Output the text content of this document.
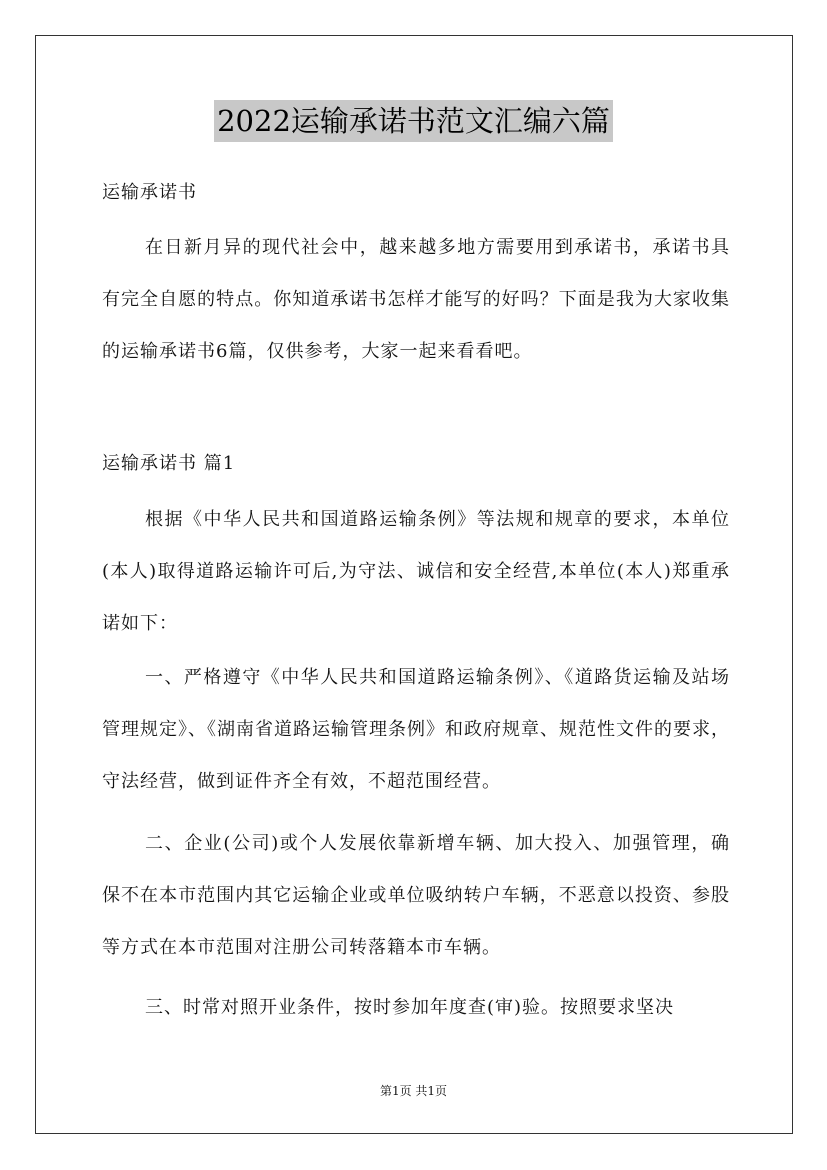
2022运输承诺书范文汇编六篇

运输承诺书

在日新月异的现代社会中，越来越多地方需要用到承诺书，承诺书具有完全自愿的特点。你知道承诺书怎样才能写的好吗？下面是我为大家收集的运输承诺书6篇，仅供参考，大家一起来看看吧。

运输承诺书 篇1

根据《中华人民共和国道路运输条例》等法规和规章的要求，本单位(本人)取得道路运输许可后,为守法、诚信和安全经营,本单位(本人)郑重承诺如下：

一、严格遵守《中华人民共和国道路运输条例》、《道路货运输及站场管理规定》、《湖南省道路运输管理条例》和政府规章、规范性文件的要求，守法经营，做到证件齐全有效，不超范围经营。

二、企业(公司)或个人发展依靠新增车辆、加大投入、加强管理，确保不在本市范围内其它运输企业或单位吸纳转户车辆，不恶意以投资、参股等方式在本市范围对注册公司转落籍本市车辆。

三、时常对照开业条件，按时参加年度查(审)验。按照要求坚决

第1页 共1页
